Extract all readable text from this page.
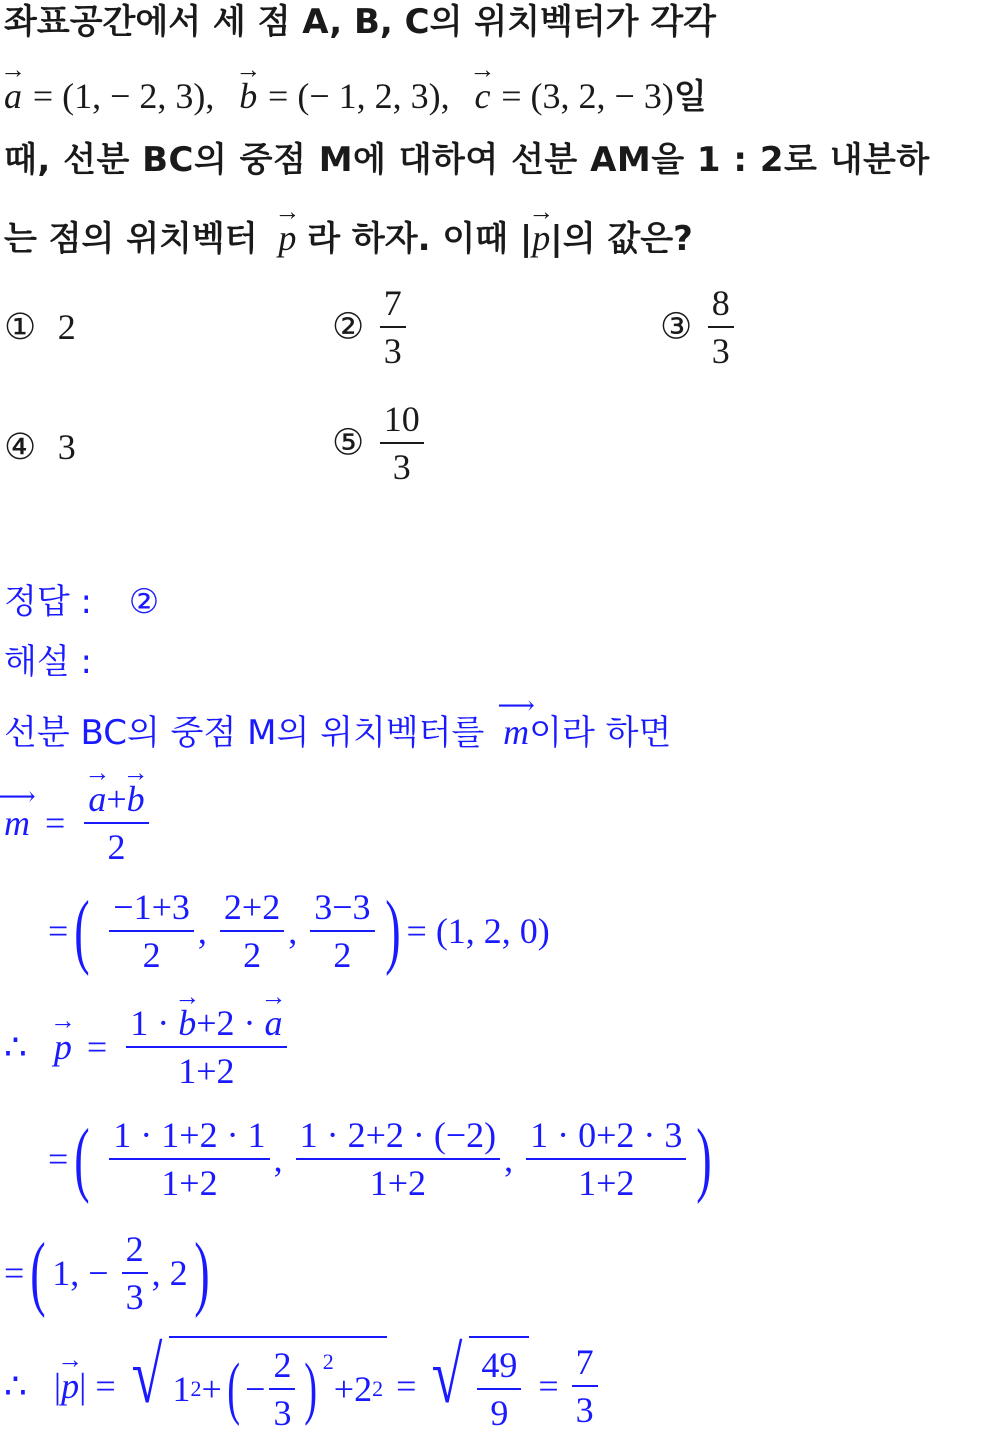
좌표공간에서 세 점 A, B, C의 위치벡터가 각각
→ a = (1, − 2, 3), → b = (− 1, 2, 3), → c = (3, 2, − 3)일
때, 선분 BC의 중점 M에 대하여 선분 AM을 1 : 2로 내분하
는 점의 위치벡터 → p 라 하자. 이때 |→ p|의 값은?
① 2	② $\frac{7}{3}$	③ $\frac{8}{3}$
④ 3	⑤ $\frac{10}{3}$
정답 : ②
해설 :
선분 BC의 중점 M의 위치벡터를 ⟶ m이라 하면
⟶ m = → $\frac{a+\to b}{2}$
=( $\frac{-1+3}{2}$ , $\frac{2+2}{2}$ , $\frac{3-3}{2}$ ) = (1, 2, 0)
∴ → $p = \frac{1 \cdot \to b+2 \cdot \to a}{1+2}$
=( $\frac{1 \cdot 1+2 \cdot 1}{1+2}$ , $\frac{1 \cdot 2+2 \cdot (-2)}{1+2}$ , $\frac{1 \cdot 0+2 \cdot 3}{1+2}$ )
=( 1, − $\frac{2}{3}$ , 2)
∴ |→ p| = √ 1 2 + ( − $\frac{2}{3} )^2$
+2 2 = √ $\frac{49}{9} = \frac{7}{3}$
